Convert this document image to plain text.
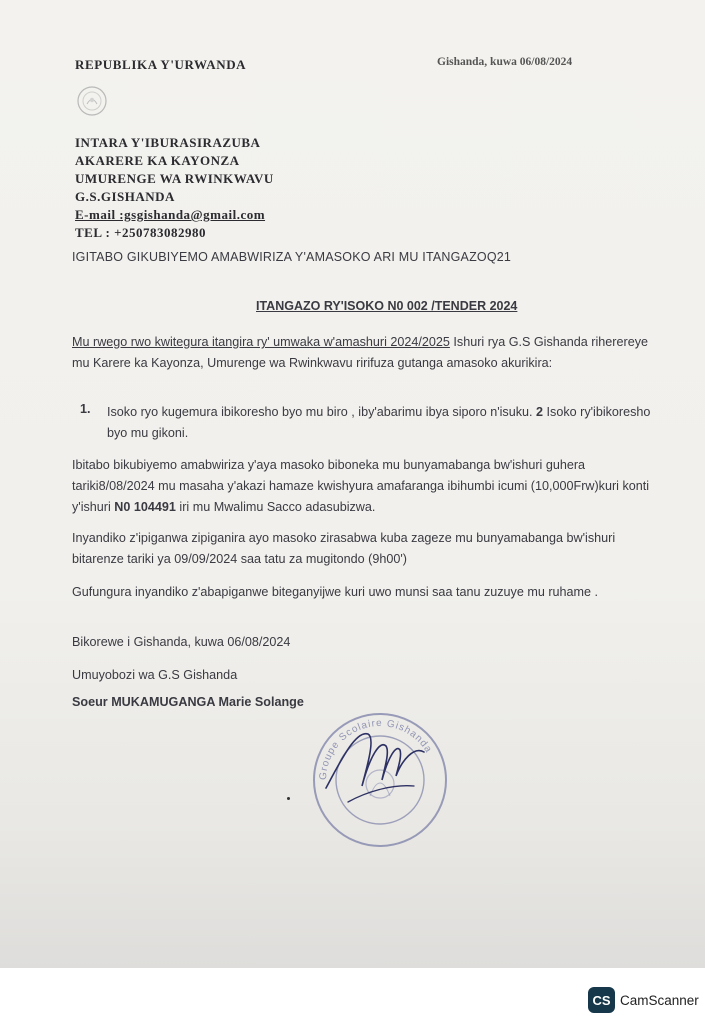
REPUBLIKA Y'URWANDA	Gishanda, kuwa 06/08/2024
INTARA Y'IBURASIRAZUBA
AKARERE KA KAYONZA
UMURENGE WA RWINKWAVU
G.S.GISHANDA
E-mail :gsgishanda@gmail.com
TEL : +250783082980
IGITABO GIKUBIYEMO AMABWIRIZA Y'AMASOKO ARI MU ITANGAZOQ21
ITANGAZO RY'ISOKO N0 002 /TENDER 2024
Mu rwego rwo kwitegura itangira ry' umwaka w'amashuri 2024/2025 Ishuri rya G.S Gishanda riherereye mu Karere ka Kayonza, Umurenge wa Rwinkwavu ririfuza gutanga amasoko akurikira:
1. Isoko ryo kugemura ibikoresho byo mu biro , iby'abarimu ibya siporo n'isuku. 2 Isoko ry'ibikoresho byo mu gikoni.
Ibitabo bikubiyemo amabwiriza y'aya masoko biboneka mu bunyamabanga bw'ishuri guhera tariki8/08/2024 mu masaha y'akazi hamaze kwishyura amafaranga ibihumbi icumi (10,000Frw)kuri konti y'ishuri N0 104491 iri mu Mwalimu Sacco adasubizwa.
Inyandiko z'ipiganwa zipiganira ayo masoko zirasabwa kuba zageze mu bunyamabanga bw'ishuri bitarenze tariki ya 09/09/2024 saa tatu za mugitondo (9h00')
Gufungura inyandiko z'abapiganwe biteganyijwe kuri uwo munsi saa tanu zuzuye mu ruhame .
Bikorewe i Gishanda, kuwa 06/08/2024
Umuyobozi wa G.S Gishanda
Soeur MUKAMUGANGA Marie Solange
Groupe Scolaire Gishanda
CS CamScanner
